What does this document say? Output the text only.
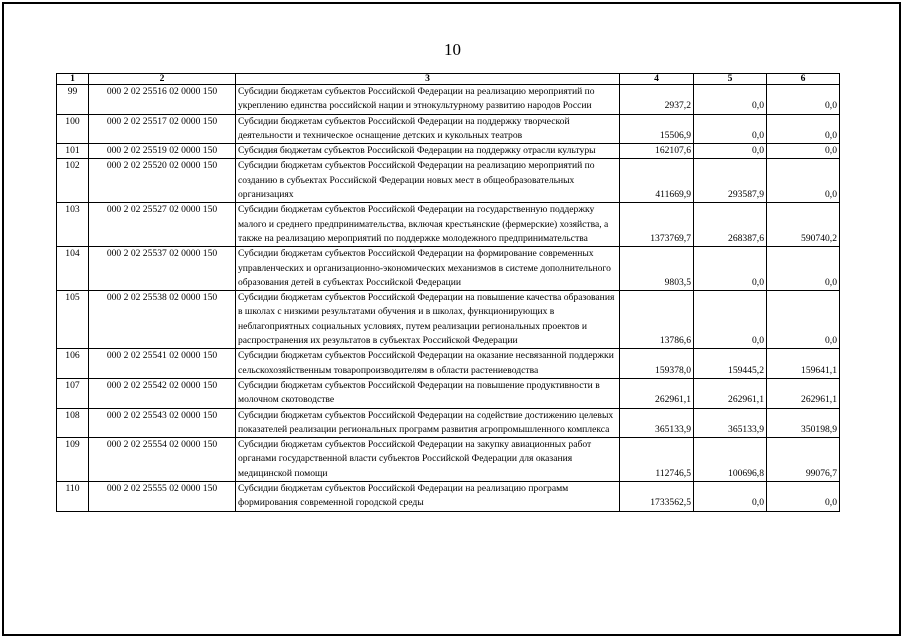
10
1	2	3	4	5	6
99	000 2 02 25516 02 0000 150	Субсидии бюджетам субъектов Российской Федерации на реализацию мероприятий по укреплению единства российской нации и этнокультурному развитию народов России	2937,2	0,0	0,0
100	000 2 02 25517 02 0000 150	Субсидии бюджетам субъектов Российской Федерации на поддержку творческой деятельности и техническое оснащение детских и кукольных театров	15506,9	0,0	0,0
101	000 2 02 25519 02 0000 150	Субсидия бюджетам субъектов Российской Федерации на поддержку отрасли культуры	162107,6	0,0	0,0
102	000 2 02 25520 02 0000 150	Субсидии бюджетам субъектов Российской Федерации на реализацию мероприятий по созданию в субъектах Российской Федерации новых мест в общеобразовательных организациях	411669,9	293587,9	0,0
103	000 2 02 25527 02 0000 150	Субсидии бюджетам субъектов Российской Федерации на государственную поддержку малого и среднего предпринимательства, включая крестьянские (фермерские) хозяйства, а также на реализацию мероприятий по поддержке молодежного предпринимательства	1373769,7	268387,6	590740,2
104	000 2 02 25537 02 0000 150	Субсидии бюджетам субъектов Российской Федерации на формирование современных управленческих и организационно-экономических механизмов в системе дополнительного образования детей в субъектах Российской Федерации	9803,5	0,0	0,0
105	000 2 02 25538 02 0000 150	Субсидии бюджетам субъектов Российской Федерации на повышение качества образования в школах с низкими результатами обучения и в школах, функционирующих в неблагоприятных социальных условиях, путем реализации региональных проектов и распространения их результатов в субъектах Российской Федерации	13786,6	0,0	0,0
106	000 2 02 25541 02 0000 150	Субсидии бюджетам субъектов Российской Федерации на оказание несвязанной поддержки сельскохозяйственным товаропроизводителям в области растениеводства	159378,0	159445,2	159641,1
107	000 2 02 25542 02 0000 150	Субсидии бюджетам субъектов Российской Федерации на повышение продуктивности в молочном скотоводстве	262961,1	262961,1	262961,1
108	000 2 02 25543 02 0000 150	Субсидии бюджетам субъектов Российской Федерации на содействие достижению целевых показателей реализации региональных программ развития агропромышленного комплекса	365133,9	365133,9	350198,9
109	000 2 02 25554 02 0000 150	Субсидии бюджетам субъектов Российской Федерации на закупку авиационных работ органами государственной власти субъектов Российской Федерации для оказания медицинской помощи	112746,5	100696,8	99076,7
110	000 2 02 25555 02 0000 150	Субсидии бюджетам субъектов Российской Федерации на реализацию программ формирования современной городской среды	1733562,5	0,0	0,0
